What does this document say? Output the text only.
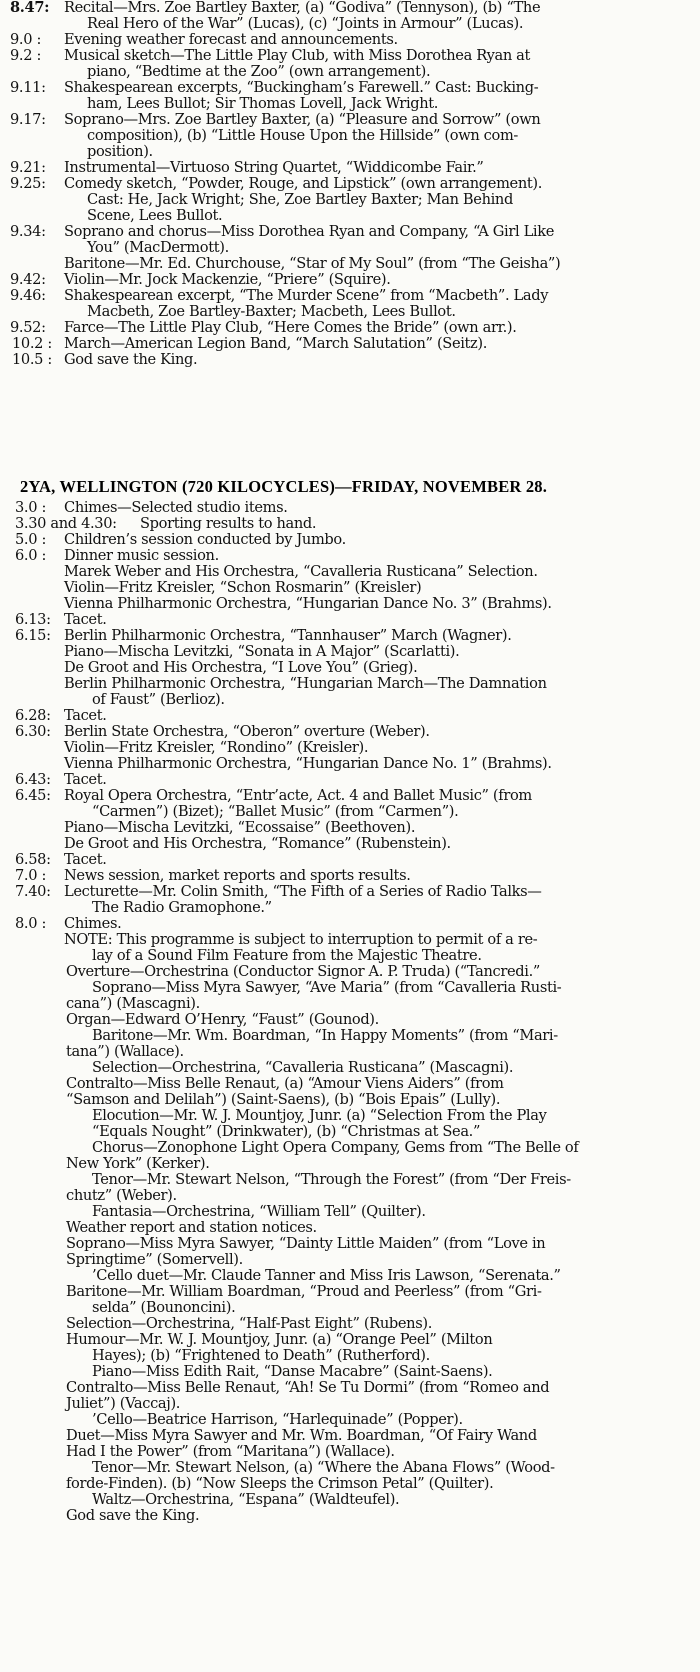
8.47: Recital—Mrs. Zoe Bartley Baxter, (a) “Godiva” (Tennyson), (b) “The
Real Hero of the War” (Lucas), (c) “Joints in Armour” (Lucas).
9.0 : Evening weather forecast and announcements.
9.2 : Musical sketch—The Little Play Club, with Miss Dorothea Ryan at
piano, “Bedtime at the Zoo” (own arrangement).
9.11: Shakespearean excerpts, “Buckingham’s Farewell.” Cast: Bucking-
ham, Lees Bullot; Sir Thomas Lovell, Jack Wright.
9.17: Soprano—Mrs. Zoe Bartley Baxter, (a) “Pleasure and Sorrow” (own
composition), (b) “Little House Upon the Hillside” (own com-
position).
9.21: Instrumental—Virtuoso String Quartet, “Widdicombe Fair.”
9.25: Comedy sketch, “Powder, Rouge, and Lipstick” (own arrangement).
Cast: He, Jack Wright; She, Zoe Bartley Baxter; Man Behind
Scene, Lees Bullot.
9.34: Soprano and chorus—Miss Dorothea Ryan and Company, “A Girl Like
You” (MacDermott).
Baritone—Mr. Ed. Churchouse, “Star of My Soul” (from “The Geisha”)
9.42: Violin—Mr. Jock Mackenzie, “Priere” (Squire).
9.46: Shakespearean excerpt, “The Murder Scene” from “Macbeth”. Lady
Macbeth, Zoe Bartley-Baxter; Macbeth, Lees Bullot.
9.52: Farce—The Little Play Club, “Here Comes the Bride” (own arr.).
10.2 : March—American Legion Band, “March Salutation” (Seitz).
10.5 : God save the King.
2YA, WELLINGTON (720 KILOCYCLES)—FRIDAY, NOVEMBER 28.
3.0 : Chimes—Selected studio items.
3.30 and 4.30: Sporting results to hand.
5.0 : Children’s session conducted by Jumbo.
6.0 : Dinner music session.
Marek Weber and His Orchestra, “Cavalleria Rusticana” Selection.
Violin—Fritz Kreisler, “Schon Rosmarin” (Kreisler)
Vienna Philharmonic Orchestra, “Hungarian Dance No. 3” (Brahms).
6.13: Tacet.
6.15: Berlin Philharmonic Orchestra, “Tannhauser” March (Wagner).
Piano—Mischa Levitzki, “Sonata in A Major” (Scarlatti).
De Groot and His Orchestra, “I Love You” (Grieg).
Berlin Philharmonic Orchestra, “Hungarian March—The Damnation
of Faust” (Berlioz).
6.28: Tacet.
6.30: Berlin State Orchestra, “Oberon” overture (Weber).
Violin—Fritz Kreisler, “Rondino” (Kreisler).
Vienna Philharmonic Orchestra, “Hungarian Dance No. 1” (Brahms).
6.43: Tacet.
6.45: Royal Opera Orchestra, “Entr’acte, Act. 4 and Ballet Music” (from
“Carmen”) (Bizet); “Ballet Music” (from “Carmen”).
Piano—Mischa Levitzki, “Ecossaise” (Beethoven).
De Groot and His Orchestra, “Romance” (Rubenstein).
6.58: Tacet.
7.0 : News session, market reports and sports results.
7.40: Lecturette—Mr. Colin Smith, “The Fifth of a Series of Radio Talks—
The Radio Gramophone.”
8.0 : Chimes.
NOTE: This programme is subject to interruption to permit of a re-
lay of a Sound Film Feature from the Majestic Theatre.
Overture—Orchestrina (Conductor Signor A. P. Truda) (“Tancredi.”
Soprano—Miss Myra Sawyer, “Ave Maria” (from “Cavalleria Rusti-
cana”) (Mascagni).
Organ—Edward O’Henry, “Faust” (Gounod).
Baritone—Mr. Wm. Boardman, “In Happy Moments” (from “Mari-
tana”) (Wallace).
Selection—Orchestrina, “Cavalleria Rusticana” (Mascagni).
Contralto—Miss Belle Renaut, (a) “Amour Viens Aiders” (from
“Samson and Delilah”) (Saint-Saens), (b) “Bois Epais” (Lully).
Elocution—Mr. W. J. Mountjoy, Junr. (a) “Selection From the Play
“Equals Nought” (Drinkwater), (b) “Christmas at Sea.”
Chorus—Zonophone Light Opera Company, Gems from “The Belle of
New York” (Kerker).
Tenor—Mr. Stewart Nelson, “Through the Forest” (from “Der Freis-
chutz” (Weber).
Fantasia—Orchestrina, “William Tell” (Quilter).
Weather report and station notices.
Soprano—Miss Myra Sawyer, “Dainty Little Maiden” (from “Love in
Springtime” (Somervell).
’Cello duet—Mr. Claude Tanner and Miss Iris Lawson, “Serenata.”
Baritone—Mr. William Boardman, “Proud and Peerless” (from “Gri-
selda” (Bounoncini).
Selection—Orchestrina, “Half-Past Eight” (Rubens).
Humour—Mr. W. J. Mountjoy, Junr. (a) “Orange Peel” (Milton
Hayes); (b) “Frightened to Death” (Rutherford).
Piano—Miss Edith Rait, “Danse Macabre” (Saint-Saens).
Contralto—Miss Belle Renaut, “Ah! Se Tu Dormi” (from “Romeo and
Juliet”) (Vaccaj).
’Cello—Beatrice Harrison, “Harlequinade” (Popper).
Duet—Miss Myra Sawyer and Mr. Wm. Boardman, “Of Fairy Wand
Had I the Power” (from “Maritana”) (Wallace).
Tenor—Mr. Stewart Nelson, (a) “Where the Abana Flows” (Wood-
forde-Finden). (b) “Now Sleeps the Crimson Petal” (Quilter).
Waltz—Orchestrina, “Espana” (Waldteufel).
God save the King.
